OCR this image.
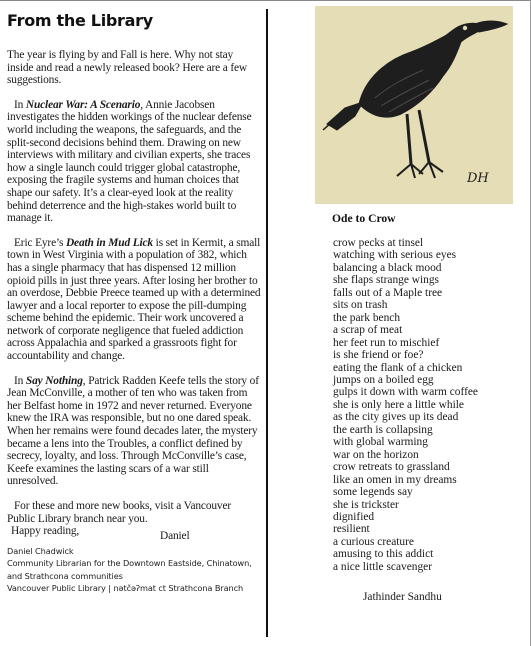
From the Library

The year is flying by and Fall is here. Why not stay inside and read a newly released book? Here are a few suggestions.

In Nuclear War: A Scenario, Annie Jacobsen investigates the hidden workings of the nuclear defense world including the weapons, the safeguards, and the split-second decisions behind them. Drawing on new interviews with military and civilian experts, she traces how a single launch could trigger global catastrophe, exposing the fragile systems and human choices that shape our safety. It’s a clear-eyed look at the reality behind deterrence and the high-stakes world built to manage it.

Eric Eyre’s Death in Mud Lick is set in Kermit, a small town in West Virginia with a population of 382, which has a single pharmacy that has dispensed 12 million opioid pills in just three years. After losing her brother to an overdose, Debbie Preece teamed up with a determined lawyer and a local reporter to expose the pill-dumping scheme behind the epidemic. Their work uncovered a network of corporate negligence that fueled addiction across Appalachia and sparked a grassroots fight for accountability and change.

In Say Nothing, Patrick Radden Keefe tells the story of Jean McConville, a mother of ten who was taken from her Belfast home in 1972 and never returned. Everyone knew the IRA was responsible, but no one dared speak. When her remains were found decades later, the mystery became a lens into the Troubles, a conflict defined by secrecy, loyalty, and loss. Through McConville’s case, Keefe examines the lasting scars of a war still unresolved.

For these and more new books, visit a Vancouver Public Library branch near you.

Happy reading,	Daniel

Daniel Chadwick
Community Librarian for the Downtown Eastside, Chinatown,
and Strathcona communities
Vancouver Public Library | nətčəʔmat ct Strathcona Branch
DH
Ode to Crow
crow pecks at tinsel
watching with serious eyes
balancing a black mood
she flaps strange wings
falls out of a Maple tree
sits on trash
the park bench
a scrap of meat
her feet run to mischief
is she friend or foe?
eating the flank of a chicken
jumps on a boiled egg
gulps it down with warm coffee
she is only here a little while
as the city gives up its dead
the earth is collapsing
with global warming
war on the horizon
crow retreats to grassland
like an omen in my dreams
some legends say
she is trickster
dignified
resilient
a curious creature
amusing to this addict
a nice little scavenger
Jathinder Sandhu
